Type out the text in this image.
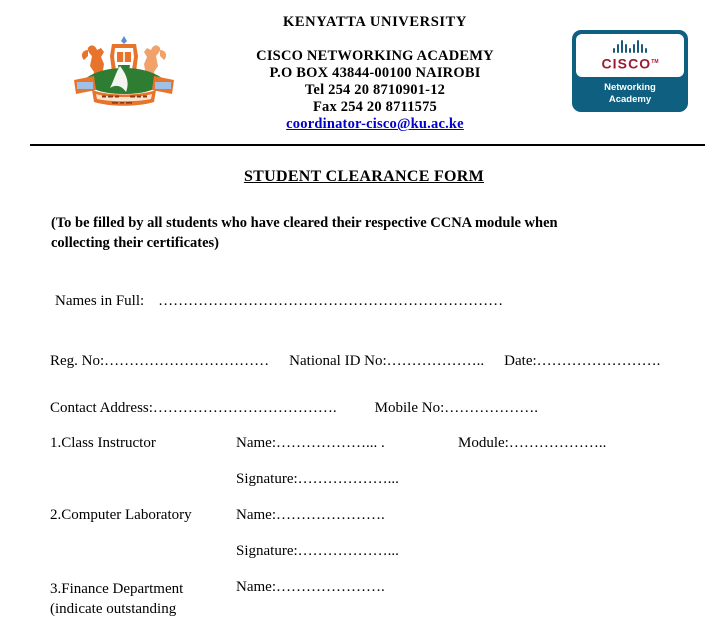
KENYATTA UNIVERSITY
CISCO NETWORKING ACADEMY
P.O BOX 43844-00100 NAIROBI
Tel 254 20 8710901-12
Fax 254 20 8711575
coordinator-cisco@ku.ac.ke
CISCO™
Networking
Academy
STUDENT CLEARANCE FORM
(To be filled by all students who have cleared their respective CCNA module when collecting their certificates)
Names in Full: ……………………………………………………………
Reg. No:…………………………… National ID No:……………….. Date:…………………….
Contact Address:……………………………….	Mobile No:……………….
1.Class Instructor	Name:………………... .	Module:………………..
Signature:………………...
2.Computer Laboratory	Name:………………….
Signature:………………...
3.Finance Department
(indicate outstanding
Name:………………….
